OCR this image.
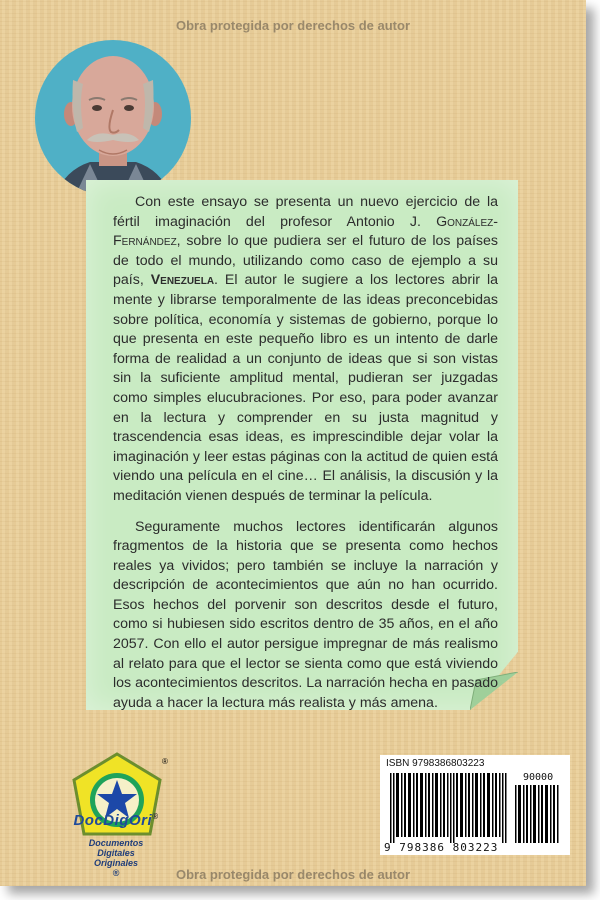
Obra protegida por derechos de autor

Con este ensayo se presenta un nuevo ejercicio de la fértil imaginación del profesor Antonio J. González-Fernández, sobre lo que pudiera ser el futuro de los países de todo el mundo, utilizando como caso de ejemplo a su país, Venezuela. El autor le sugiere a los lectores abrir la mente y librarse temporalmente de las ideas preconcebidas sobre política, economía y sistemas de gobierno, porque lo que presenta en este pequeño libro es un intento de darle forma de realidad a un conjunto de ideas que si son vistas sin la suficiente amplitud mental, pudieran ser juzgadas como simples elucubraciones. Por eso, para poder avanzar en la lectura y comprender en su justa magnitud y trascendencia esas ideas, es imprescindible dejar volar la imaginación y leer estas páginas con la actitud de quien está viendo una película en el cine… El análisis, la discusión y la meditación vienen después de terminar la película.

Seguramente muchos lectores identificarán algunos fragmentos de la historia que se presenta como hechos reales ya vividos; pero también se incluye la narración y descripción de acontecimientos que aún no han ocurrido. Esos hechos del porvenir son descritos desde el futuro, como si hubiesen sido escritos dentro de 35 años, en el año 2057. Con ello el autor persigue impregnar de más realismo al relato para que el lector se sienta como que está viviendo los acontecimientos descritos. La narración hecha en pasado ayuda a hacer la lectura más realista y más amena.

®
DocDigOri®
Documentos
Digitales
Originales
®
ISBN 9798386803223
90000
9 798386 803223
Obra protegida por derechos de autor
